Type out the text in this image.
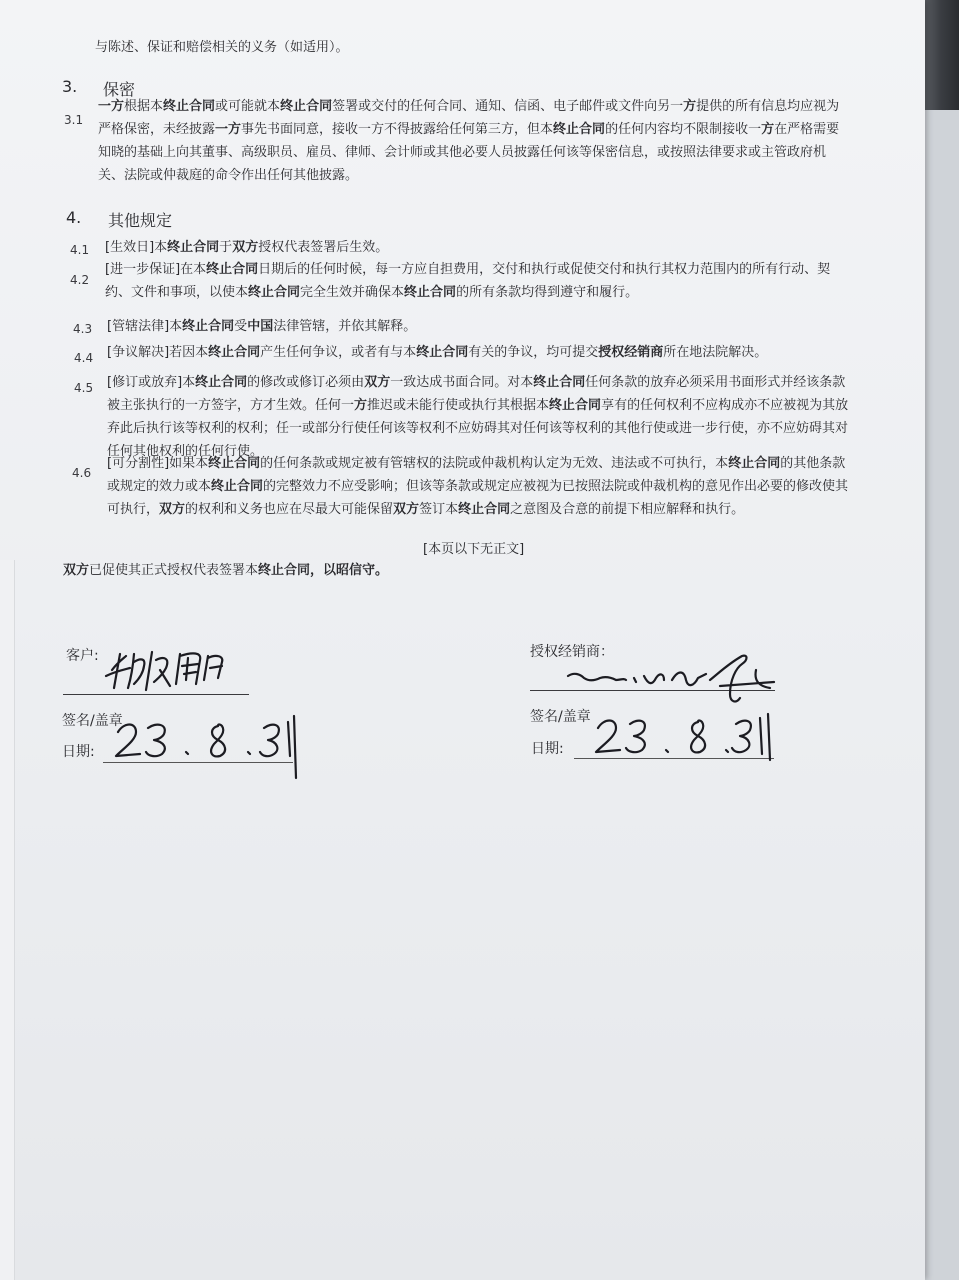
与陈述、保证和赔偿相关的义务（如适用）。
3. 保密
3.1
一方根据本终止合同或可能就本终止合同签署或交付的任何合同、通知、信函、电子邮件或文件向另一方提供的所有信息均应视为
严格保密，未经披露一方事先书面同意，接收一方不得披露给任何第三方，但本终止合同的任何内容均不限制接收一方在严格需要
知晓的基础上向其董事、高级职员、雇员、律师、会计师或其他必要人员披露任何该等保密信息，或按照法律要求或主管政府机
关、法院或仲裁庭的命令作出任何其他披露。
4. 其他规定
4.1 [生效日]本终止合同于双方授权代表签署后生效。
4.2
[进一步保证]在本终止合同日期后的任何时候，每一方应自担费用，交付和执行或促使交付和执行其权力范围内的所有行动、契
约、文件和事项，以使本终止合同完全生效并确保本终止合同的所有条款均得到遵守和履行。
4.3 [管辖法律]本终止合同受中国法律管辖，并依其解释。
4.4 [争议解决]若因本终止合同产生任何争议，或者有与本终止合同有关的争议，均可提交授权经销商所在地法院解决。
4.5 [修订或放弃]本终止合同的修改或修订必须由双方一致达成书面合同。对本终止合同任何条款的放弃必须采用书面形式并经该条款
被主张执行的一方签字，方才生效。任何一方推迟或未能行使或执行其根据本终止合同享有的任何权利不应构成亦不应被视为其放
弃此后执行该等权利的权利；任一或部分行使任何该等权利不应妨碍其对任何该等权利的其他行使或进一步行使，亦不应妨碍其对
任何其他权利的任何行使。
4.6
[可分割性]如果本终止合同的任何条款或规定被有管辖权的法院或仲裁机构认定为无效、违法或不可执行，本终止合同的其他条款
或规定的效力或本终止合同的完整效力不应受影响；但该等条款或规定应被视为已按照法院或仲裁机构的意见作出必要的修改使其
可执行，双方的权利和义务也应在尽最大可能保留双方签订本终止合同之意图及合意的前提下相应解释和执行。
[本页以下无正文]
双方已促使其正式授权代表签署本终止合同，以昭信守。
客户:
签名/盖章
日期:
授权经销商：
签名/盖章
日期:
